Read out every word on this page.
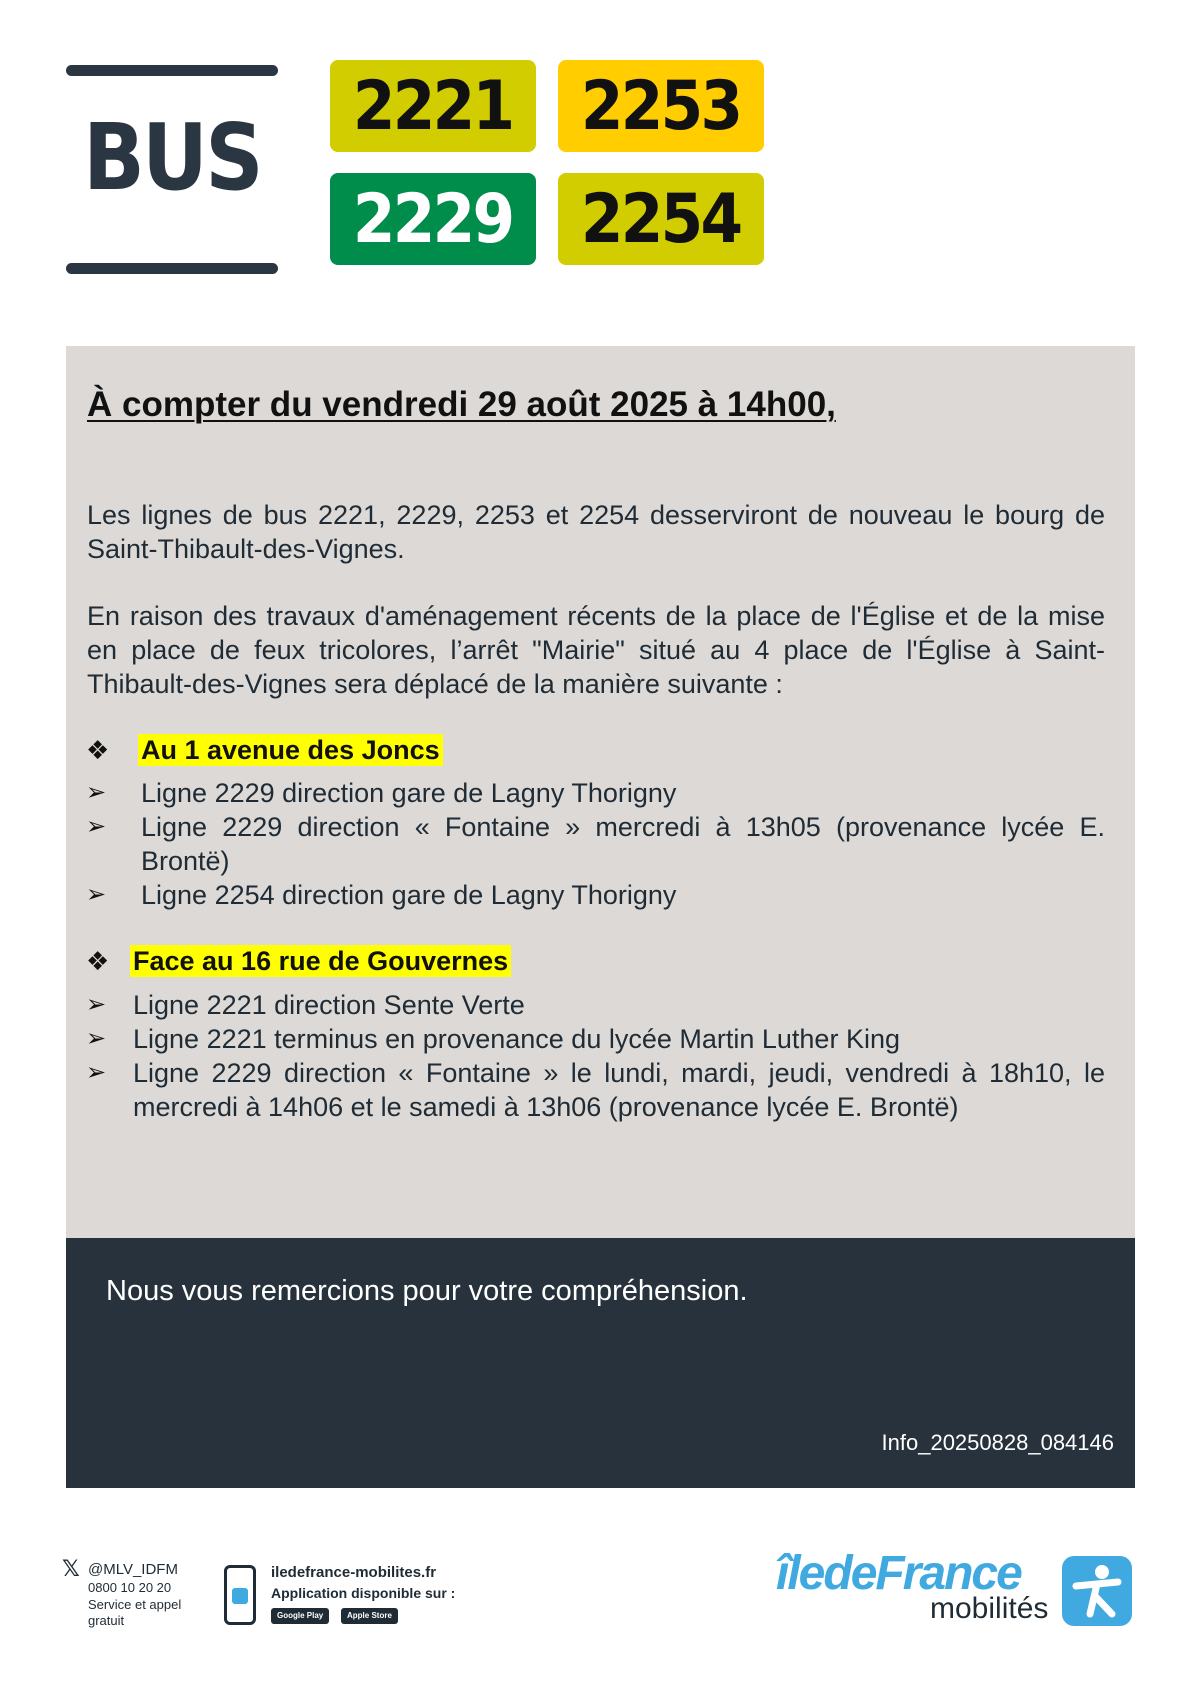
BUS 2221 2253
2229 2254
À compter du vendredi 29 août 2025 à 14h00,

Les lignes de bus 2221, 2229, 2253 et 2254 desserviront de nouveau le bourg de Saint-Thibault-des-Vignes.

En raison des travaux d'aménagement récents de la place de l'Église et de la mise en place de feux tricolores, l’arrêt "Mairie" situé au 4 place de l'Église à Saint-Thibault-des-Vignes sera déplacé de la manière suivante :

❖ Au 1 avenue des Joncs
➢ Ligne 2229 direction gare de Lagny Thorigny

➢ Ligne 2229 direction « Fontaine » mercredi à 13h05 (provenance lycée E. Brontë)

➢ Ligne 2254 direction gare de Lagny Thorigny

❖ Face au 16 rue de Gouvernes
➢ Ligne 2221 direction Sente Verte

➢ Ligne 2221 terminus en provenance du lycée Martin Luther King

➢ Ligne 2229 direction « Fontaine » le lundi, mardi, jeudi, vendredi à 18h10, le mercredi à 14h06 et le samedi à 13h06 (provenance lycée E. Brontë)

Nous vous remercions pour votre compréhension.
Info_20250828_084146
𝕏 @MLV_IDFM
0800 10 20 20
Service et appel gratuit
iledefrance-mobilites.fr
Application disponible sur :
Google Play	Apple Store
îledeFrance
mobilités
